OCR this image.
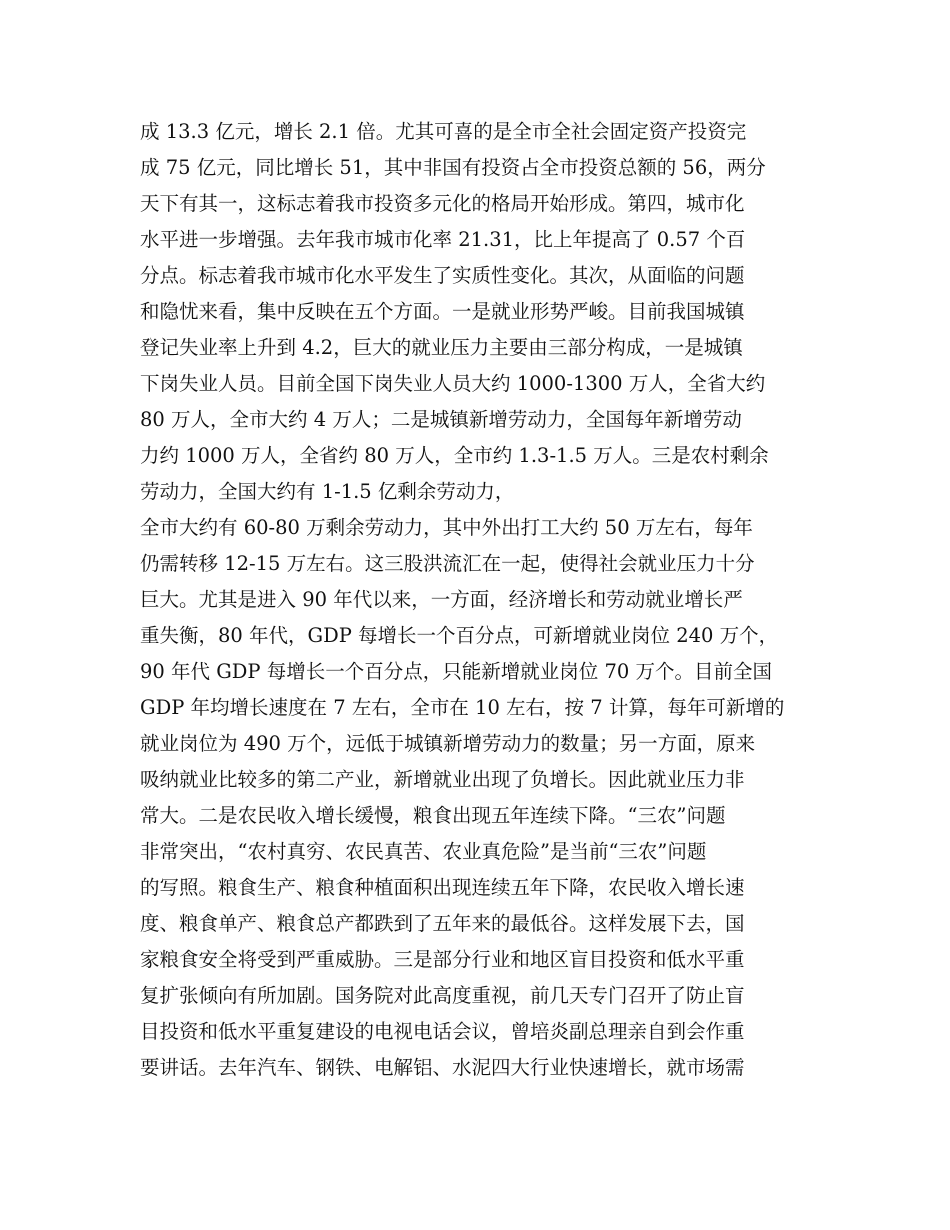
成 13.3 亿元，增长 2.1 倍。尤其可喜的是全市全社会固定资产投资完
成 75 亿元，同比增长 51，其中非国有投资占全市投资总额的 56，两分
天下有其一，这标志着我市投资多元化的格局开始形成。第四，城市化
水平进一步增强。去年我市城市化率 21.31，比上年提高了 0.57 个百
分点。标志着我市城市化水平发生了实质性变化。其次，从面临的问题
和隐忧来看，集中反映在五个方面。一是就业形势严峻。目前我国城镇
登记失业率上升到 4.2，巨大的就业压力主要由三部分构成，一是城镇
下岗失业人员。目前全国下岗失业人员大约 1000-1300 万人，全省大约
80 万人，全市大约 4 万人；二是城镇新增劳动力，全国每年新增劳动
力约 1000 万人，全省约 80 万人，全市约 1.3-1.5 万人。三是农村剩余
劳动力，全国大约有 1-1.5 亿剩余劳动力，
全市大约有 60-80 万剩余劳动力，其中外出打工大约 50 万左右，每年
仍需转移 12-15 万左右。这三股洪流汇在一起，使得社会就业压力十分
巨大。尤其是进入 90 年代以来，一方面，经济增长和劳动就业增长严
重失衡，80 年代，GDP 每增长一个百分点，可新增就业岗位 240 万个，
90 年代 GDP 每增长一个百分点，只能新增就业岗位 70 万个。目前全国
GDP 年均增长速度在 7 左右，全市在 10 左右，按 7 计算，每年可新增的
就业岗位为 490 万个，远低于城镇新增劳动力的数量；另一方面，原来
吸纳就业比较多的第二产业，新增就业出现了负增长。因此就业压力非
常大。二是农民收入增长缓慢，粮食出现五年连续下降。“三农”问题
非常突出，“农村真穷、农民真苦、农业真危险”是当前“三农”问题
的写照。粮食生产、粮食种植面积出现连续五年下降，农民收入增长速
度、粮食单产、粮食总产都跌到了五年来的最低谷。这样发展下去，国
家粮食安全将受到严重威胁。三是部分行业和地区盲目投资和低水平重
复扩张倾向有所加剧。国务院对此高度重视，前几天专门召开了防止盲
目投资和低水平重复建设的电视电话会议，曾培炎副总理亲自到会作重
要讲话。去年汽车、钢铁、电解铝、水泥四大行业快速增长，就市场需
